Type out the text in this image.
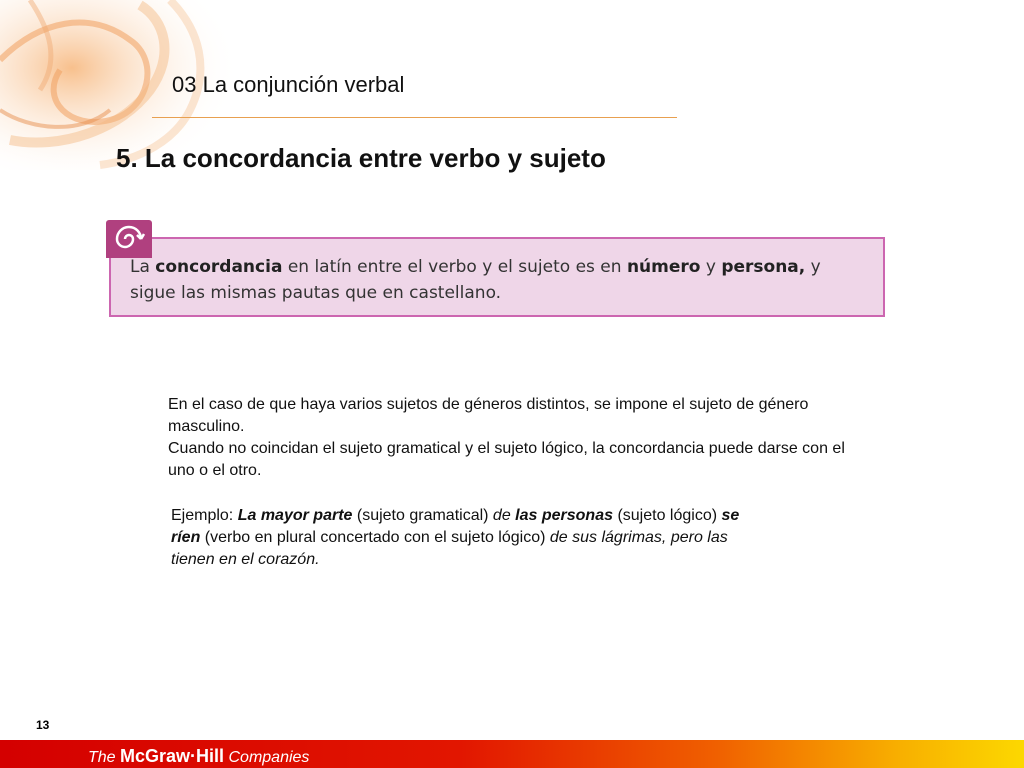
03 La conjunción verbal
5. La concordancia entre verbo y sujeto
La concordancia en latín entre el verbo y el sujeto es en número y persona, y sigue las mismas pautas que en castellano.
En el caso de que haya varios sujetos de géneros distintos, se impone el sujeto de género masculino.
Cuando no coincidan el sujeto gramatical y el sujeto lógico, la concordancia puede darse con el uno o el otro.
Ejemplo: La mayor parte (sujeto gramatical) de las personas (sujeto lógico) se ríen (verbo en plural concertado con el sujeto lógico) de sus lágrimas, pero las tienen en el corazón.
13
The McGraw·Hill Companies
